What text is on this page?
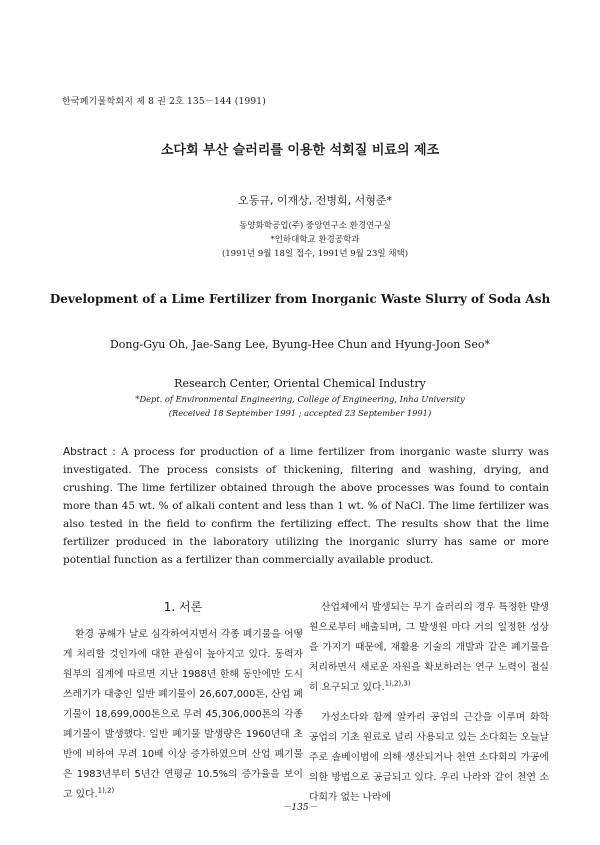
한국폐기물학회지 제 8 권 2호 135－144 (1991)
소다회 부산 슬러리를 이용한 석회질 비료의 제조
오동규, 이재상, 전병회, 서형준*
동양화학공업(주) 중앙연구소 환경연구실
*인하대학교 환경공학과
(1991년 9월 18일 접수, 1991년 9월 23일 채택)
Development of a Lime Fertilizer from Inorganic Waste Slurry of Soda Ash
Dong-Gyu Oh, Jae-Sang Lee, Byung-Hee Chun and Hyung-Joon Seo*
Research Center, Oriental Chemical Industry
*Dept. of Environmental Engineering, College of Engineering, Inha University
(Received 18 September 1991 ; accepted 23 September 1991)
Abstract : A process for production of a lime fertilizer from inorganic waste slurry was investigated. The process consists of thickening, filtering and washing, drying, and crushing. The lime fertilizer obtained through the above processes was found to contain more than 45 wt. % of alkali content and less than 1 wt. % of NaCl. The lime fertilizer was also tested in the field to confirm the fertilizing effect. The results show that the lime fertilizer produced in the laboratory utilizing the inorganic slurry has same or more potential function as a fertilizer than commercially available product.
1. 서론

환경 공해가 날로 심각하여지면서 각종 폐기물을 어떻게 처리할 것인가에 대한 관심이 높아지고 있다. 동력자원부의 집계에 따르면 지난 1988년 한해 동안에만 도시 쓰레기가 대충인 일반 폐기물이 26,607,000톤, 산업 폐기물이 18,699,000톤으로 무려 45,306,000톤의 각종 폐기물이 발생했다. 일반 폐기물 발생량은 1960년대 초반에 비하여 무려 10배 이상 증가하였으며 산업 폐기물은 1983년부터 5년간 연평균 10.5%의 증가율을 보이고 있다.$^{1),2)}$

산업체에서 발생되는 무기 슬러리의 경우 특정한 발생원으로부터 배출되며, 그 발생원 마다 거의 일정한 성상을 가지기 때문에, 재활용 기술의 개발과 같은 폐기물을 처리하면서 새로운 자원을 확보하려는 연구 노력이 절실히 요구되고 있다.$^{1),2),3)}$

가성소다와 함께 알카리 공업의 근간을 이루며 화학 공업의 기초 원료로 널리 사용되고 있는 소다회는 오늘날 주로 솔베이법에 의해 생산되거나 천연 소다회의 가공에 의한 방법으로 공급되고 있다. 우리 나라와 같이 천연 소다회가 없는 나라에

－135－
